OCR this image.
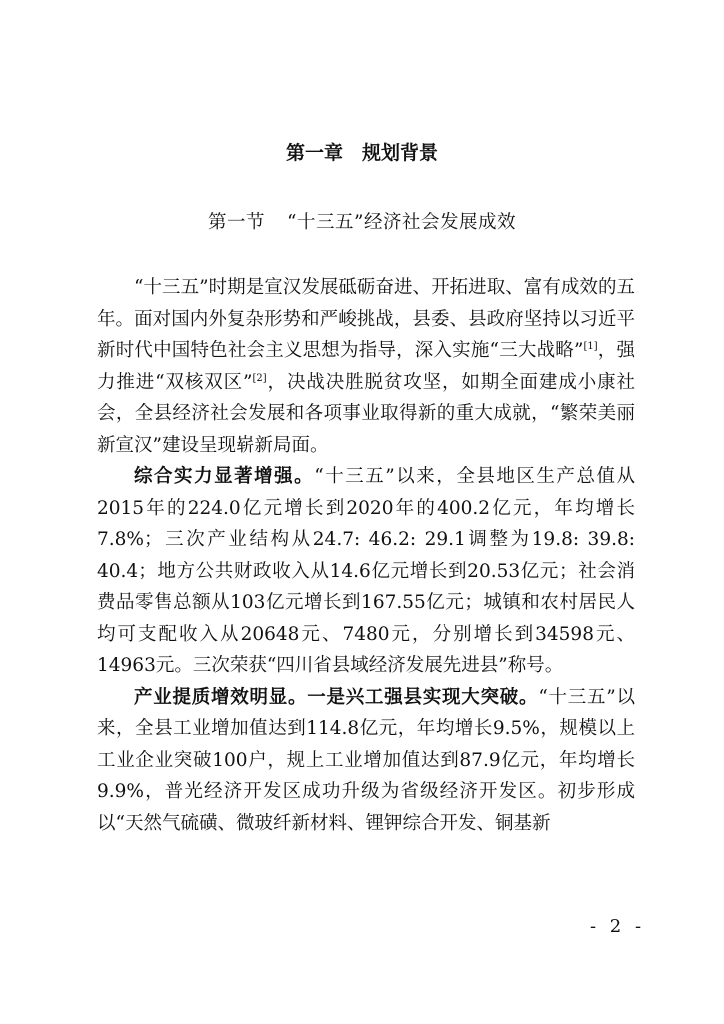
第一章　规划背景
第一节 “十三五”经济社会发展成效

“十三五”时期是宣汉发展砥砺奋进、开拓进取、富有成效的五年。面对国内外复杂形势和严峻挑战，县委、县政府坚持以习近平新时代中国特色社会主义思想为指导，深入实施“三大战略”[1]，强力推进“双核双区”[2]，决战决胜脱贫攻坚，如期全面建成小康社会，全县经济社会发展和各项事业取得新的重大成就，“繁荣美丽新宣汉”建设呈现崭新局面。

综合实力显著增强。“十三五”以来，全县地区生产总值从2015年的224.0亿元增长到2020年的400.2亿元，年均增长7.8%；三次产业结构从24.7: 46.2: 29.1调整为19.8: 39.8: 40.4；地方公共财政收入从14.6亿元增长到20.53亿元；社会消费品零售总额从103亿元增长到167.55亿元；城镇和农村居民人均可支配收入从20648元、7480元，分别增长到34598元、14963元。三次荣获“四川省县域经济发展先进县”称号。

产业提质增效明显。一是兴工强县实现大突破。“十三五”以来，全县工业增加值达到114.8亿元，年均增长9.5%，规模以上工业企业突破100户，规上工业增加值达到87.9亿元，年均增长9.9%，普光经济开发区成功升级为省级经济开发区。初步形成以“天然气硫磺、微玻纤新材料、锂钾综合开发、铜基新

- 2 -
